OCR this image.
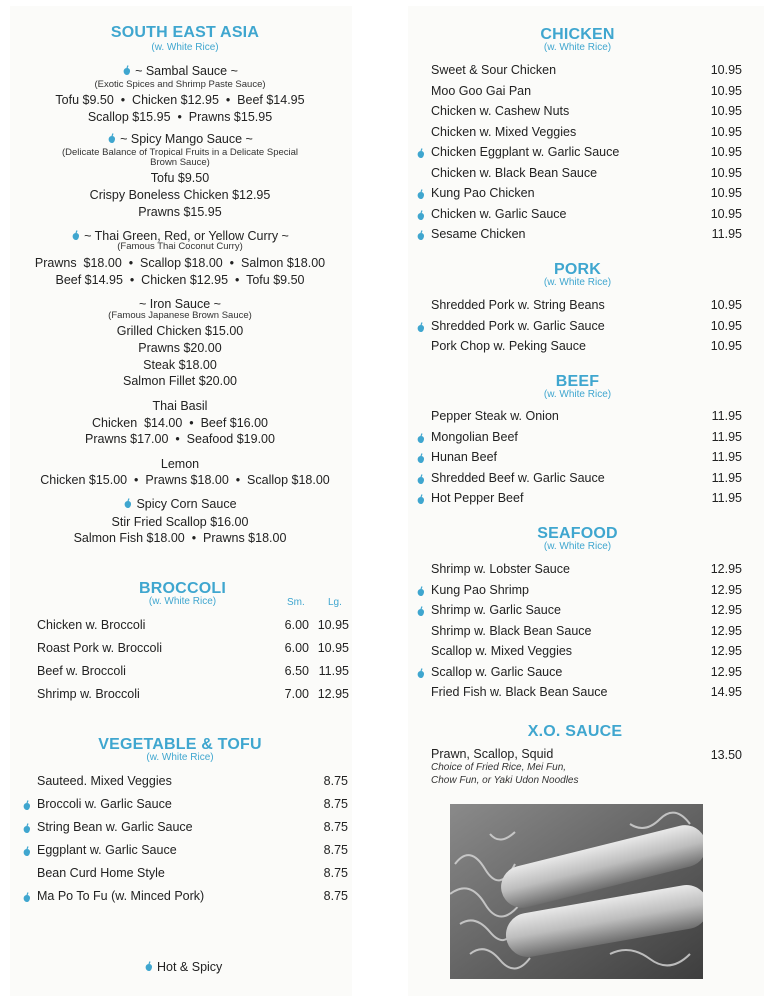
SOUTH EAST ASIA
(w. White Rice)
~ Sambal Sauce ~
(Exotic Spices and Shrimp Paste Sauce)
Tofu $9.50  •  Chicken $12.95  •  Beef $14.95
Scallop $15.95  •  Prawns $15.95
~ Spicy Mango Sauce ~
(Delicate Balance of Tropical Fruits in a Delicate Special
Brown Sauce)
Tofu $9.50
Crispy Boneless Chicken $12.95
Prawns $15.95
~ Thai Green, Red, or Yellow Curry ~
(Famous Thai Coconut Curry)
Prawns  $18.00  •  Scallop $18.00  •  Salmon $18.00
Beef $14.95  •  Chicken $12.95  •  Tofu $9.50
~ Iron Sauce ~
(Famous Japanese Brown Sauce)
Grilled Chicken $15.00
Prawns $20.00
Steak $18.00
Salmon Fillet $20.00
Thai Basil
Chicken  $14.00  •  Beef $16.00
Prawns $17.00  •  Seafood $19.00
Lemon
Chicken $15.00  •  Prawns $18.00  •  Scallop $18.00
Spicy Corn Sauce
Stir Fried Scallop $16.00
Salmon Fish $18.00  •  Prawns $18.00
BROCCOLI
(w. White Rice)	Sm. Lg.
Chicken w. Broccoli	6.00 10.95
Roast Pork w. Broccoli	6.00 10.95
Beef w. Broccoli	6.50 11.95
Shrimp w. Broccoli	7.00 12.95
VEGETABLE & TOFU
(w. White Rice)
Sauteed. Mixed Veggies	8.75
Broccoli w. Garlic Sauce	8.75
String Bean w. Garlic Sauce	8.75
Eggplant w. Garlic Sauce	8.75
Bean Curd Home Style	8.75
Ma Po To Fu (w. Minced Pork)	8.75
Hot & Spicy
CHICKEN
(w. White Rice)
Sweet & Sour Chicken	10.95
Moo Goo Gai Pan	10.95
Chicken w. Cashew Nuts	10.95
Chicken w. Mixed Veggies	10.95
Chicken Eggplant w. Garlic Sauce	10.95
Chicken w. Black Bean Sauce	10.95
Kung Pao Chicken	10.95
Chicken w. Garlic Sauce	10.95
Sesame Chicken	11.95
PORK
(w. White Rice)
Shredded Pork w. String Beans	10.95
Shredded Pork w. Garlic Sauce	10.95
Pork Chop w. Peking Sauce	10.95
BEEF
(w. White Rice)
Pepper Steak w. Onion	11.95
Mongolian Beef	11.95
Hunan Beef	11.95
Shredded Beef w. Garlic Sauce	11.95
Hot Pepper Beef	11.95
SEAFOOD
(w. White Rice)
Shrimp w. Lobster Sauce	12.95
Kung Pao Shrimp	12.95
Shrimp w. Garlic Sauce	12.95
Shrimp w. Black Bean Sauce	12.95
Scallop w. Mixed Veggies	12.95
Scallop w. Garlic Sauce	12.95
Fried Fish w. Black Bean Sauce	14.95
X.O. SAUCE
Prawn, Scallop, Squid	13.50
Choice of Fried Rice, Mei Fun,
Chow Fun, or Yaki Udon Noodles
